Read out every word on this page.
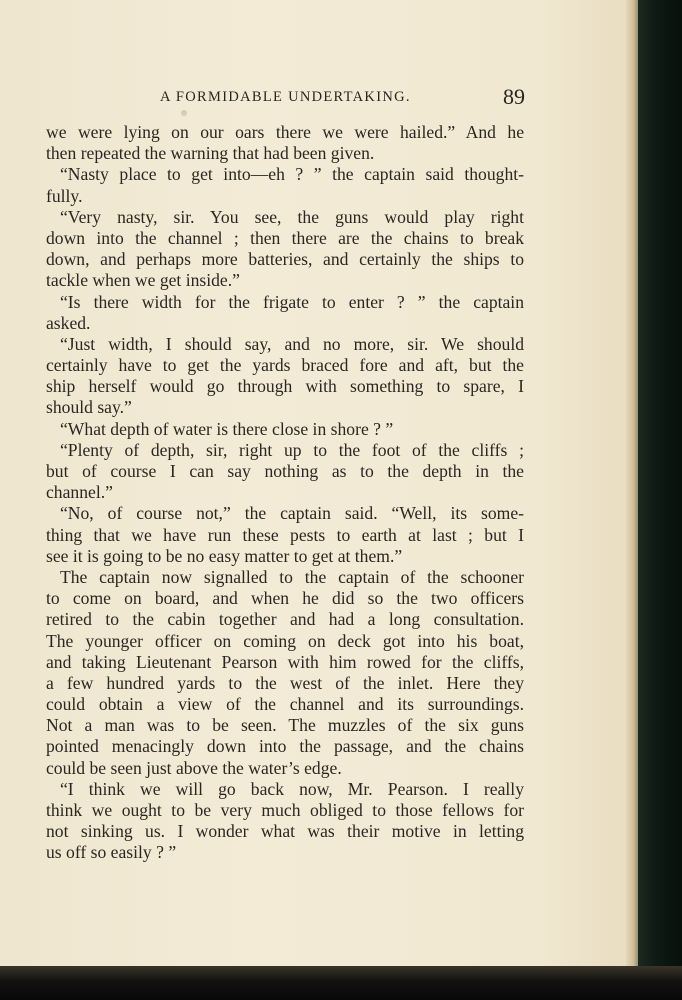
A FORMIDABLE UNDERTAKING.	89
we were lying on our oars there we were hailed.” And he
then repeated the warning that had been given.
“Nasty place to get into—eh ? ” the captain said thought-
fully.
“Very nasty, sir. You see, the guns would play right
down into the channel ; then there are the chains to break
down, and perhaps more batteries, and certainly the ships to
tackle when we get inside.”
“Is there width for the frigate to enter ? ” the captain
asked.
“Just width, I should say, and no more, sir. We should
certainly have to get the yards braced fore and aft, but the
ship herself would go through with something to spare, I
should say.”
“What depth of water is there close in shore ? ”
“Plenty of depth, sir, right up to the foot of the cliffs ;
but of course I can say nothing as to the depth in the
channel.”
“No, of course not,” the captain said. “Well, its some-
thing that we have run these pests to earth at last ; but I
see it is going to be no easy matter to get at them.”
The captain now signalled to the captain of the schooner
to come on board, and when he did so the two officers
retired to the cabin together and had a long consultation.
The younger officer on coming on deck got into his boat,
and taking Lieutenant Pearson with him rowed for the cliffs,
a few hundred yards to the west of the inlet. Here they
could obtain a view of the channel and its surroundings.
Not a man was to be seen. The muzzles of the six guns
pointed menacingly down into the passage, and the chains
could be seen just above the water’s edge.
“I think we will go back now, Mr. Pearson. I really
think we ought to be very much obliged to those fellows for
not sinking us. I wonder what was their motive in letting
us off so easily ? ”
